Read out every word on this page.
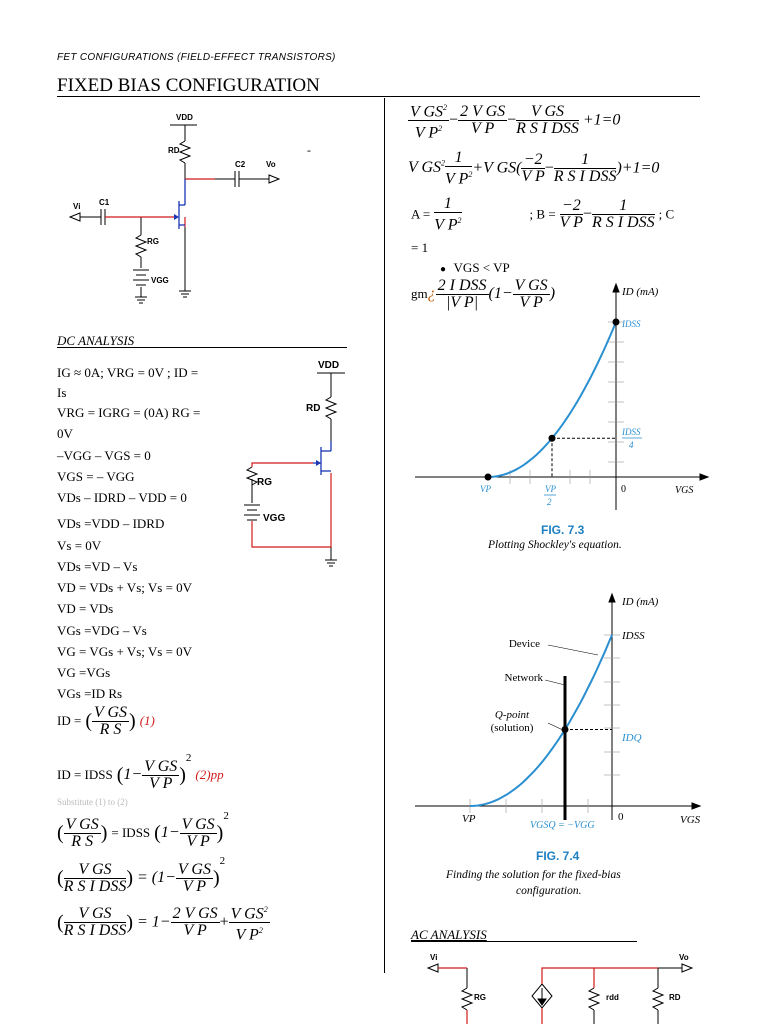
FET CONFIGURATIONS (FIELD-EFFECT TRANSISTORS)
FIXED BIAS CONFIGURATION
-
VDD
RD
C2	Vo
Vi C1
RG
VGG
DC ANALYSIS
IG ≈ 0A; VRG = 0V ; ID =
Is
VRG = IGRG = (0A) RG =
0V
–VGG – VGS = 0
VGS = – VGG
VDs – IDRD – VDD = 0
VDs =VDD – IDRD
Vs = 0V
VDs =VD – Vs
VD = VDs + Vs; Vs = 0V
VD = VDs
VGs =VDG – Vs
VG = VGs + Vs; Vs = 0V
VG =VGs
VGs =ID Rs
ID = ( $\frac{\text{V GS}}{\text{R S}}$ ) (1)
ID = IDSS $(1- \frac{\text{V GS}}{\text{V P}} )^2$ (2)pp
Substitute (1) to (2)
( $\frac{\text{V GS}}{\text{R S}}$ ) = IDSS $(1- \frac{\text{V GS}}{\text{V P}} )^2$
( $\frac{\text{V GS}}{\text{R S I DSS}}$ ) = $(1- \frac{\text{V GS}}{\text{V P}} )^2$
( $\frac{\text{V GS}}{\text{R S I DSS}}$ ) = $1- \frac{\text{2 V GS}}{\text{V P}} + \frac{V GS^2}{V P^2}$
VDD
RD
RG
VGG
$\frac{V GS^2}{V P^2} - \frac{\text{2 V GS}}{\text{V P}} - \frac{\text{V GS}}{\text{R S I DSS}} +1=0$
V $GS^2 \frac{1}{V P^2} +V$ $GS( \frac{-2}{\text{V P}} - \frac{1}{\text{R S I DSS}} )+1=0$
$A = \frac{1}{V P^2}$	; $B = \frac{-2}{\text{V P}} - \frac{1}{\text{R S I DSS}}$ ; C
= 1
●   VGS < VP
gm¿ $\frac{\text{2 I DSS}}{\text{|V P|}} (1- \frac{\text{V GS}}{\text{V P}}$ )	ID (mA)
IDSS
IDSS
4
VP	VP
2
0	VGS
FIG. 7.3
Plotting Shockley's equation.
ID (mA)
IDSS
Device
Network
Q-point
(solution)
IDQ
VP
VGSQ = −VGG
0	VGS
FIG. 7.4
Finding the solution for the fixed-bias
configuration.
AC ANALYSIS
Vi	Vo
RG	rdd	RD
